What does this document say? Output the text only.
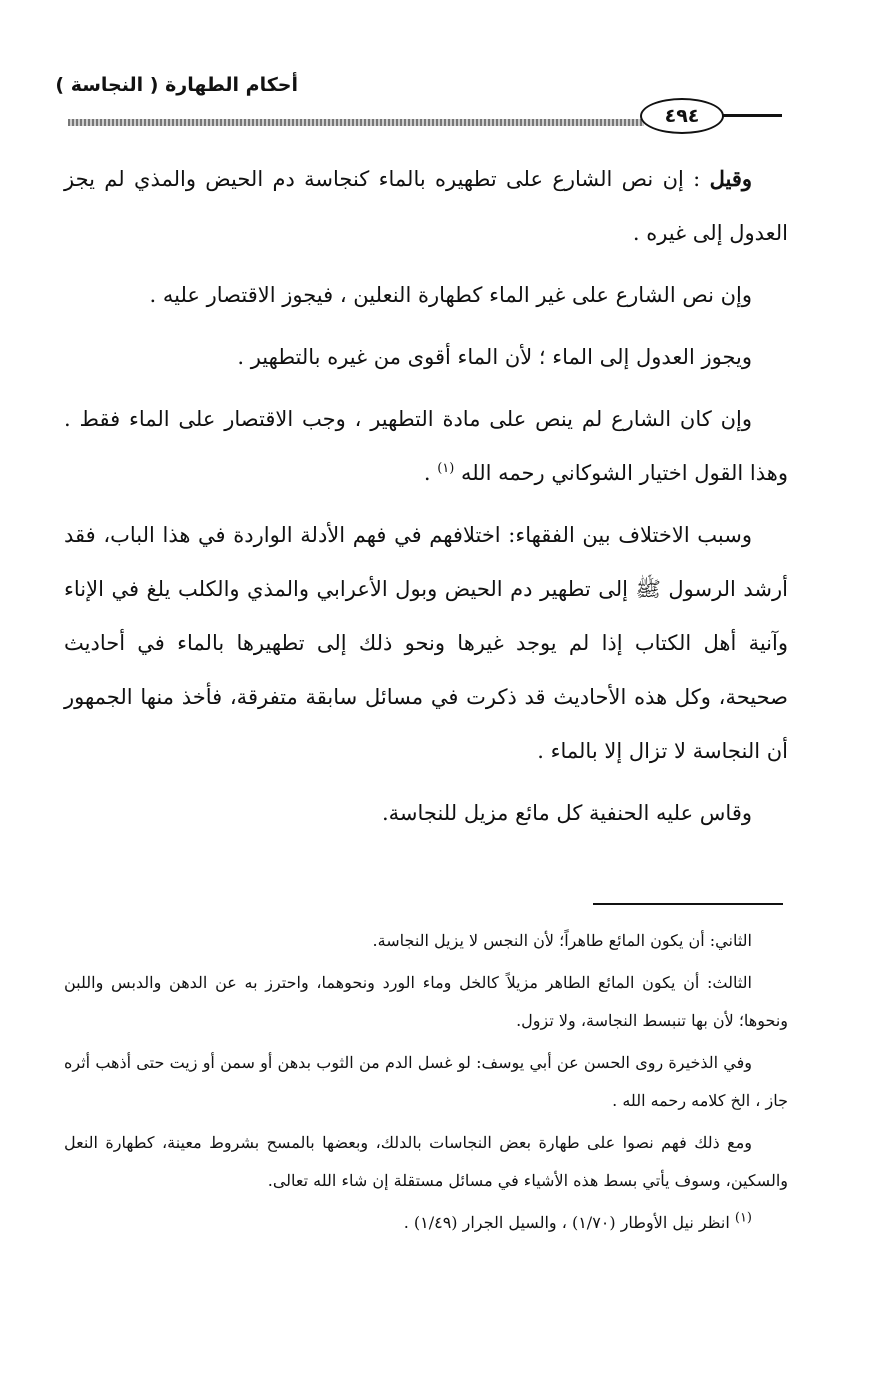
أحكام الطهارة ( النجاسة )
٤٩٤

وقيل : إن نص الشارع على تطهيره بالماء كنجاسة دم الحيض والمذي لم يجز العدول إلى غيره .

وإن نص الشارع على غير الماء كطهارة النعلين ، فيجوز الاقتصار عليه .

ويجوز العدول إلى الماء ؛ لأن الماء أقوى من غيره بالتطهير .

وإن كان الشارع لم ينص على مادة التطهير ، وجب الاقتصار على الماء فقط . وهذا القول اختيار الشوكاني رحمه الله $^{(١)}$ .

وسبب الاختلاف بين الفقهاء: اختلافهم في فهم الأدلة الواردة في هذا الباب، فقد أرشد الرسول ﷺ إلى تطهير دم الحيض وبول الأعرابي والمذي والكلب يلغ في الإناء وآنية أهل الكتاب إذا لم يوجد غيرها ونحو ذلك إلى تطهيرها بالماء في أحاديث صحيحة، وكل هذه الأحاديث قد ذكرت في مسائل سابقة متفرقة، فأخذ منها الجمهور أن النجاسة لا تزال إلا بالماء .

وقاس عليه الحنفية كل مائع مزيل للنجاسة.

الثاني: أن يكون المائع طاهراً؛ لأن النجس لا يزيل النجاسة.

الثالث: أن يكون المائع الطاهر مزيلاً كالخل وماء الورد ونحوهما، واحترز به عن الدهن والدبس واللبن ونحوها؛ لأن بها تنبسط النجاسة، ولا تزول.

وفي الذخيرة روى الحسن عن أبي يوسف: لو غسل الدم من الثوب بدهن أو سمن أو زيت حتى أذهب أثره جاز ، الخ كلامه رحمه الله .

ومع ذلك فهم نصوا على طهارة بعض النجاسات بالدلك، وبعضها بالمسح بشروط معينة، كطهارة النعل والسكين، وسوف يأتي بسط هذه الأشياء في مسائل مستقلة إن شاء الله تعالى.

$^{(١)}$ انظر نيل الأوطار (١/٧٠) ، والسيل الجرار (١/٤٩) .
